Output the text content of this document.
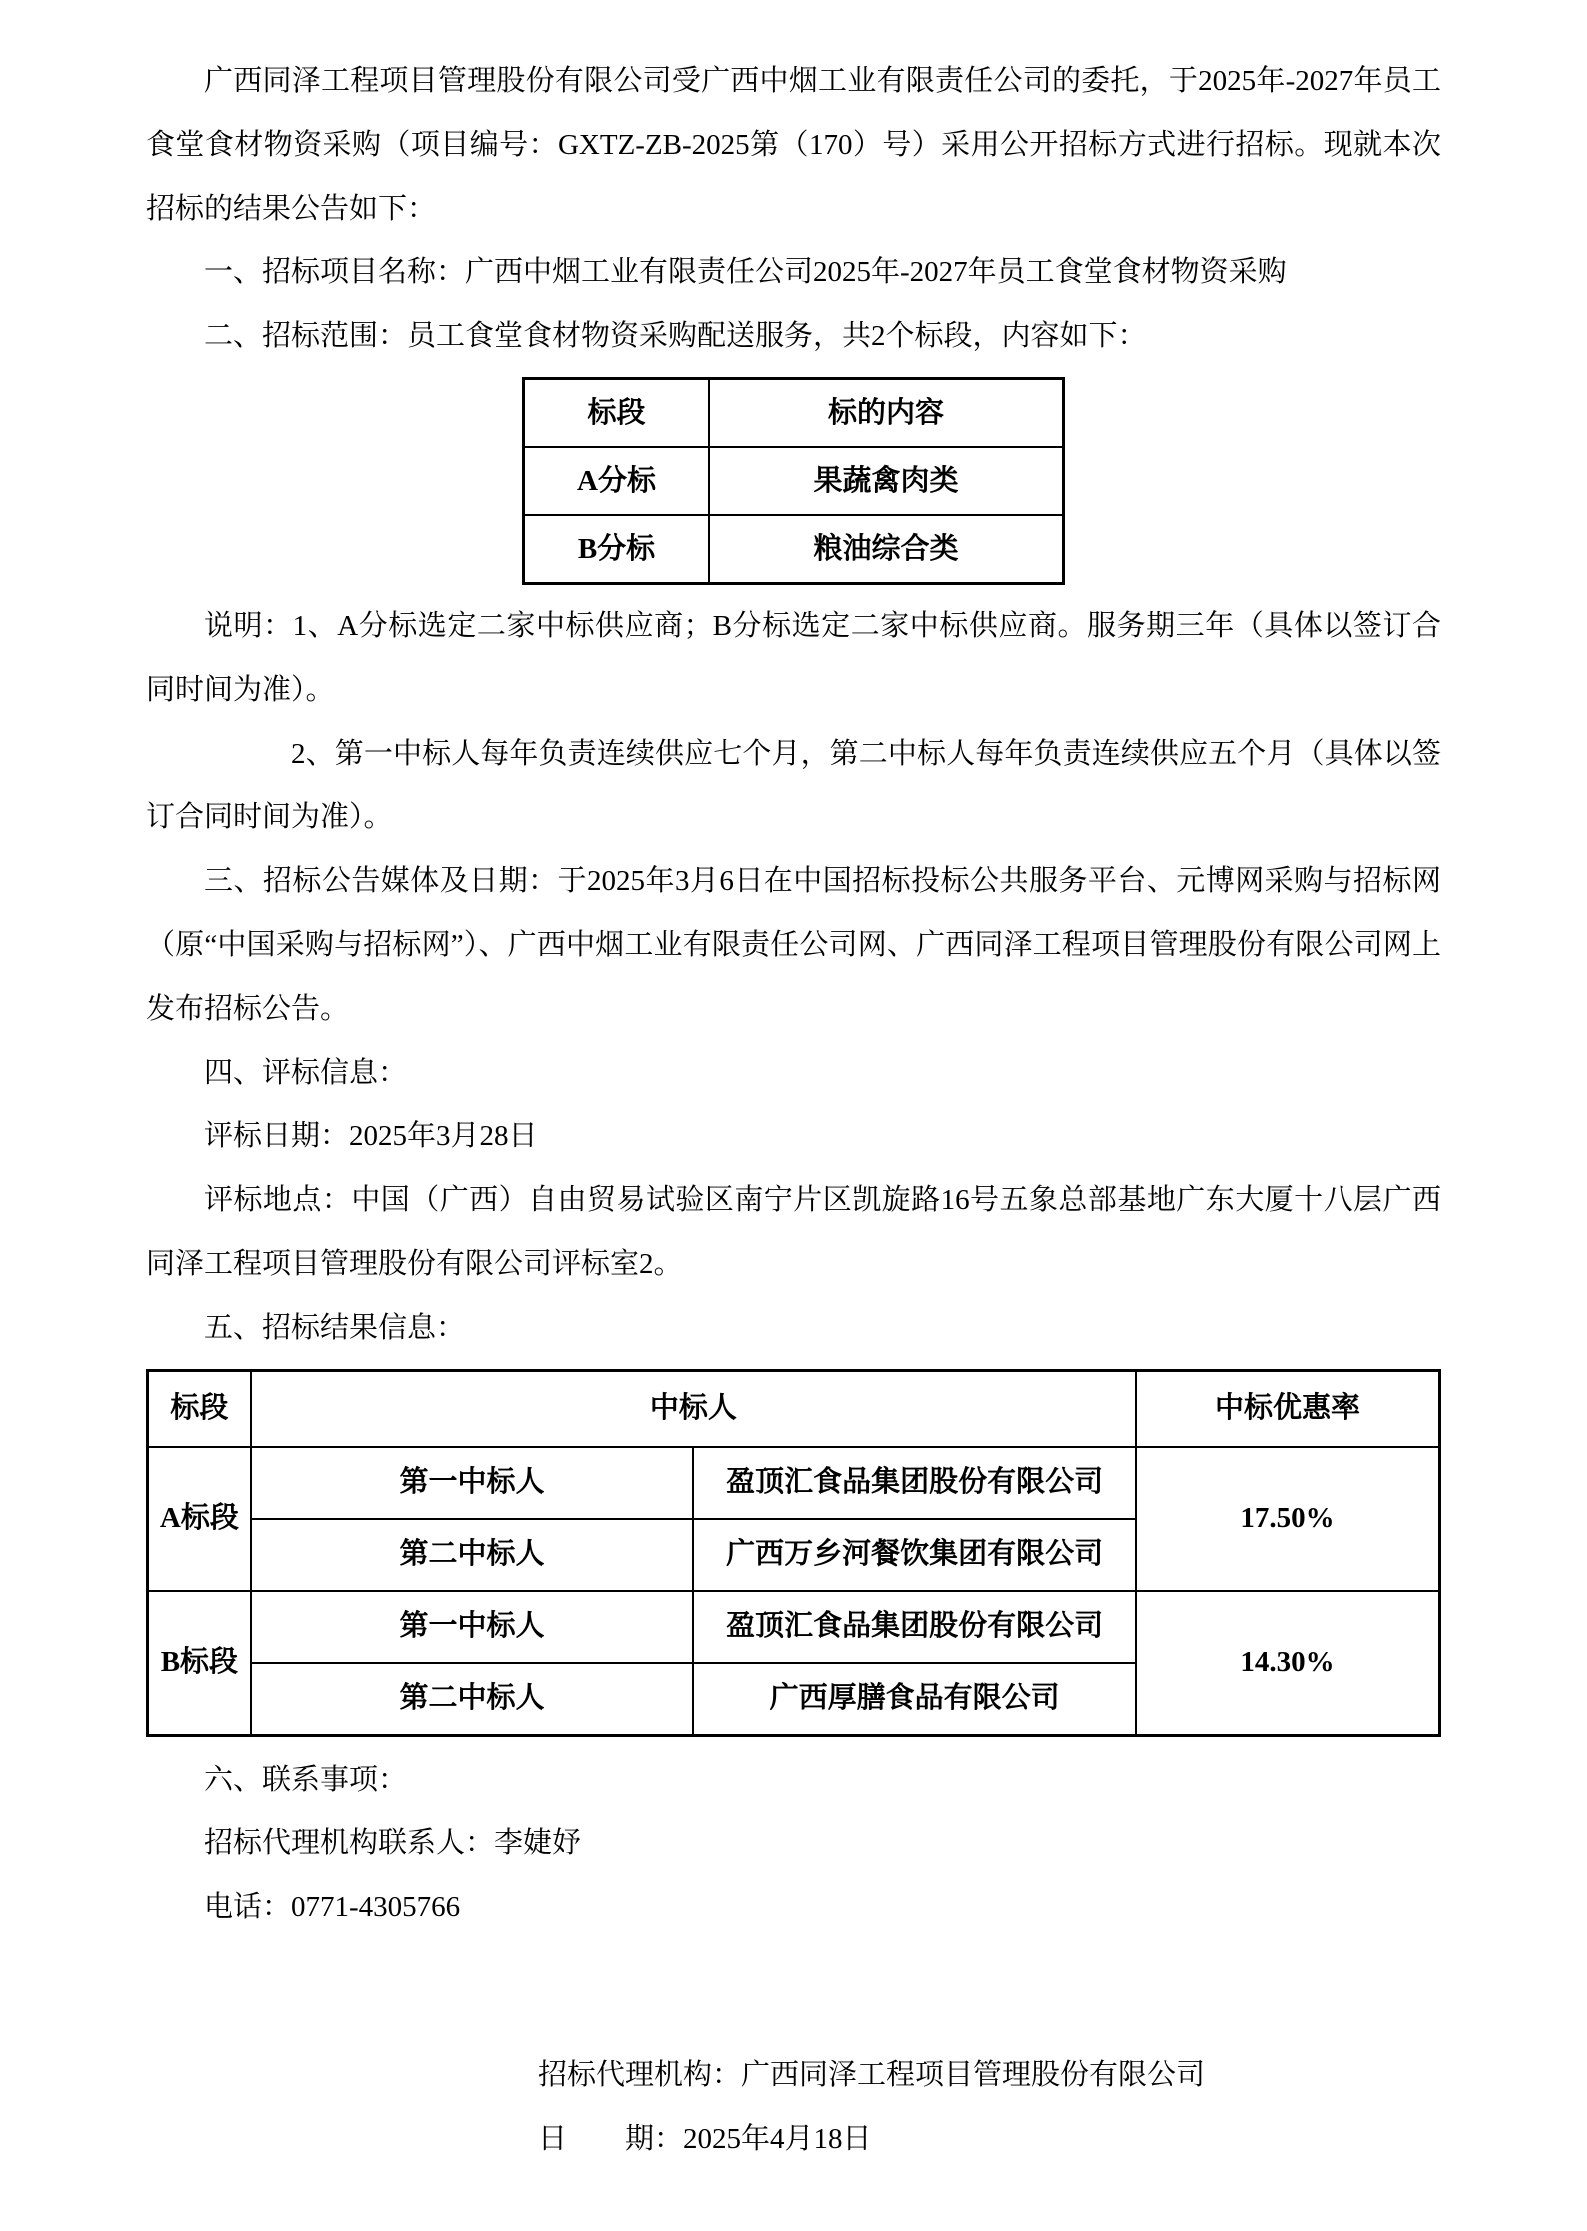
广西同泽工程项目管理股份有限公司受广西中烟工业有限责任公司的委托，于2025年-2027年员工食堂食材物资采购（项目编号：GXTZ-ZB-2025第（170）号）采用公开招标方式进行招标。现就本次招标的结果公告如下：

一、招标项目名称：广西中烟工业有限责任公司2025年-2027年员工食堂食材物资采购

二、招标范围：员工食堂食材物资采购配送服务，共2个标段，内容如下：

标段	标的内容
A分标	果蔬禽肉类
B分标	粮油综合类

说明：1、A分标选定二家中标供应商；B分标选定二家中标供应商。服务期三年（具体以签订合同时间为准）。

2、第一中标人每年负责连续供应七个月，第二中标人每年负责连续供应五个月（具体以签订合同时间为准）。

三、招标公告媒体及日期：于2025年3月6日在中国招标投标公共服务平台、元博网采购与招标网（原“中国采购与招标网”）、广西中烟工业有限责任公司网、广西同泽工程项目管理股份有限公司网上发布招标公告。

四、评标信息：

评标日期：2025年3月28日

评标地点：中国（广西）自由贸易试验区南宁片区凯旋路16号五象总部基地广东大厦十八层广西同泽工程项目管理股份有限公司评标室2。

五、招标结果信息：

标段	中标人		中标优惠率
A标段	第一中标人	盈顶汇食品集团股份有限公司	17.50%
	第二中标人	广西万乡河餐饮集团有限公司	
B标段	第一中标人	盈顶汇食品集团股份有限公司	14.30%
	第二中标人	广西厚膳食品有限公司	

六、联系事项：

招标代理机构联系人：李婕妤

电话：0771-4305766

招标代理机构：广西同泽工程项目管理股份有限公司

日　　期：2025年4月18日
